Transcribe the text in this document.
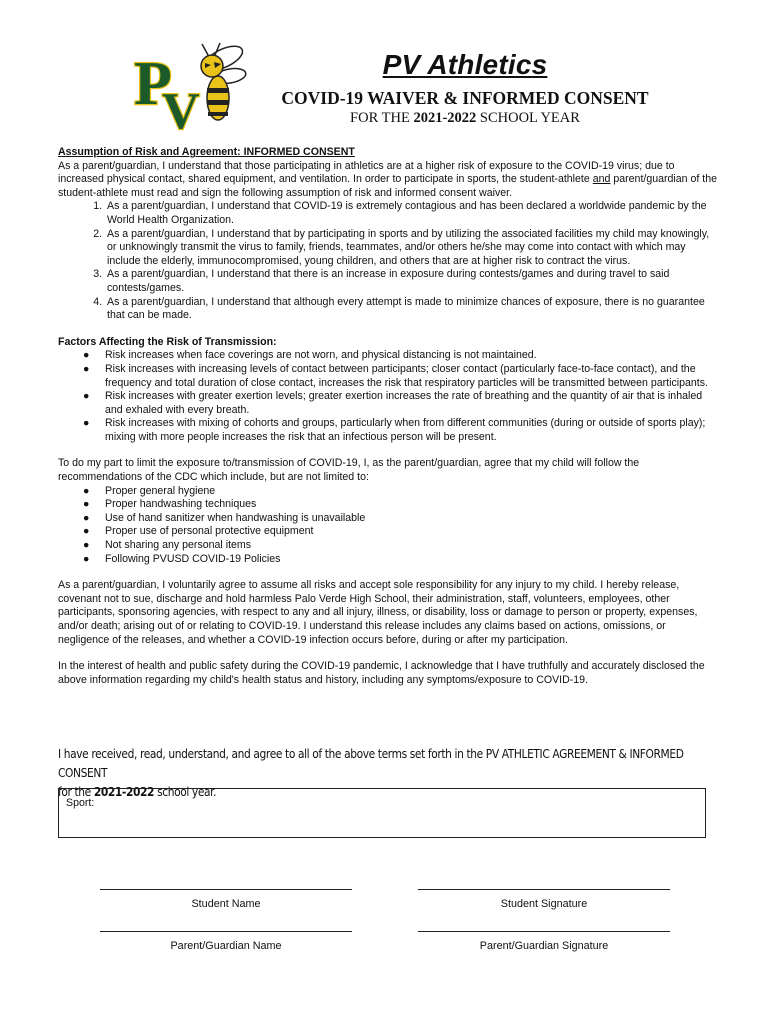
P
V
PV Athletics
COVID-19 WAIVER & INFORMED CONSENT
FOR THE 2021-2022 SCHOOL YEAR

Assumption of Risk and Agreement: INFORMED CONSENT

As a parent/guardian, I understand that those participating in athletics are at a higher risk of exposure to the COVID-19 virus; due to increased physical contact, shared equipment, and ventilation. In order to participate in sports, the student-athlete and parent/guardian of the student-athlete must read and sign the following assumption of risk and informed consent waiver.

1. As a parent/guardian, I understand that COVID-19 is extremely contagious and has been declared a worldwide pandemic by the World Health Organization.
2. As a parent/guardian, I understand that by participating in sports and by utilizing the associated facilities my child may knowingly, or unknowingly transmit the virus to family, friends, teammates, and/or others he/she may come into contact with which may include the elderly, immunocompromised, young children, and others that are at higher risk to contract the virus.
3. As a parent/guardian, I understand that there is an increase in exposure during contests/games and during travel to said contests/games.
4. As a parent/guardian, I understand that although every attempt is made to minimize chances of exposure, there is no guarantee that can be made.

Factors Affecting the Risk of Transmission:

● Risk increases when face coverings are not worn, and physical distancing is not maintained.
● Risk increases with increasing levels of contact between participants; closer contact (particularly face-to-face contact), and the frequency and total duration of close contact, increases the risk that respiratory particles will be transmitted between participants.
● Risk increases with greater exertion levels; greater exertion increases the rate of breathing and the quantity of air that is inhaled and exhaled with every breath.
● Risk increases with mixing of cohorts and groups, particularly when from different communities (during or outside of sports play); mixing with more people increases the risk that an infectious person will be present.

To do my part to limit the exposure to/transmission of COVID-19, I, as the parent/guardian, agree that my child will follow the recommendations of the CDC which include, but are not limited to:

● Proper general hygiene
● Proper handwashing techniques
● Use of hand sanitizer when handwashing is unavailable
● Proper use of personal protective equipment
● Not sharing any personal items
● Following PVUSD COVID-19 Policies

As a parent/guardian, I voluntarily agree to assume all risks and accept sole responsibility for any injury to my child. I hereby release, covenant not to sue, discharge and hold harmless Palo Verde High School, their administration, staff, volunteers, employees, other participants, sponsoring agencies, with respect to any and all injury, illness, or disability, loss or damage to person or property, expenses, and/or death; arising out of or relating to COVID-19. I understand this release includes any claims based on actions, omissions, or negligence of the releases, and whether a COVID-19 infection occurs before, during or after my participation.

In the interest of health and public safety during the COVID-19 pandemic, I acknowledge that I have truthfully and accurately disclosed the above information regarding my child's health status and history, including any symptoms/exposure to COVID-19.

I have received, read, understand, and agree to all of the above terms set forth in the PV ATHLETIC AGREEMENT & INFORMED CONSENT
for the 2021-2022 school year.
Sport:
Student Name	Student Signature
Parent/Guardian Name	Parent/Guardian Signature
